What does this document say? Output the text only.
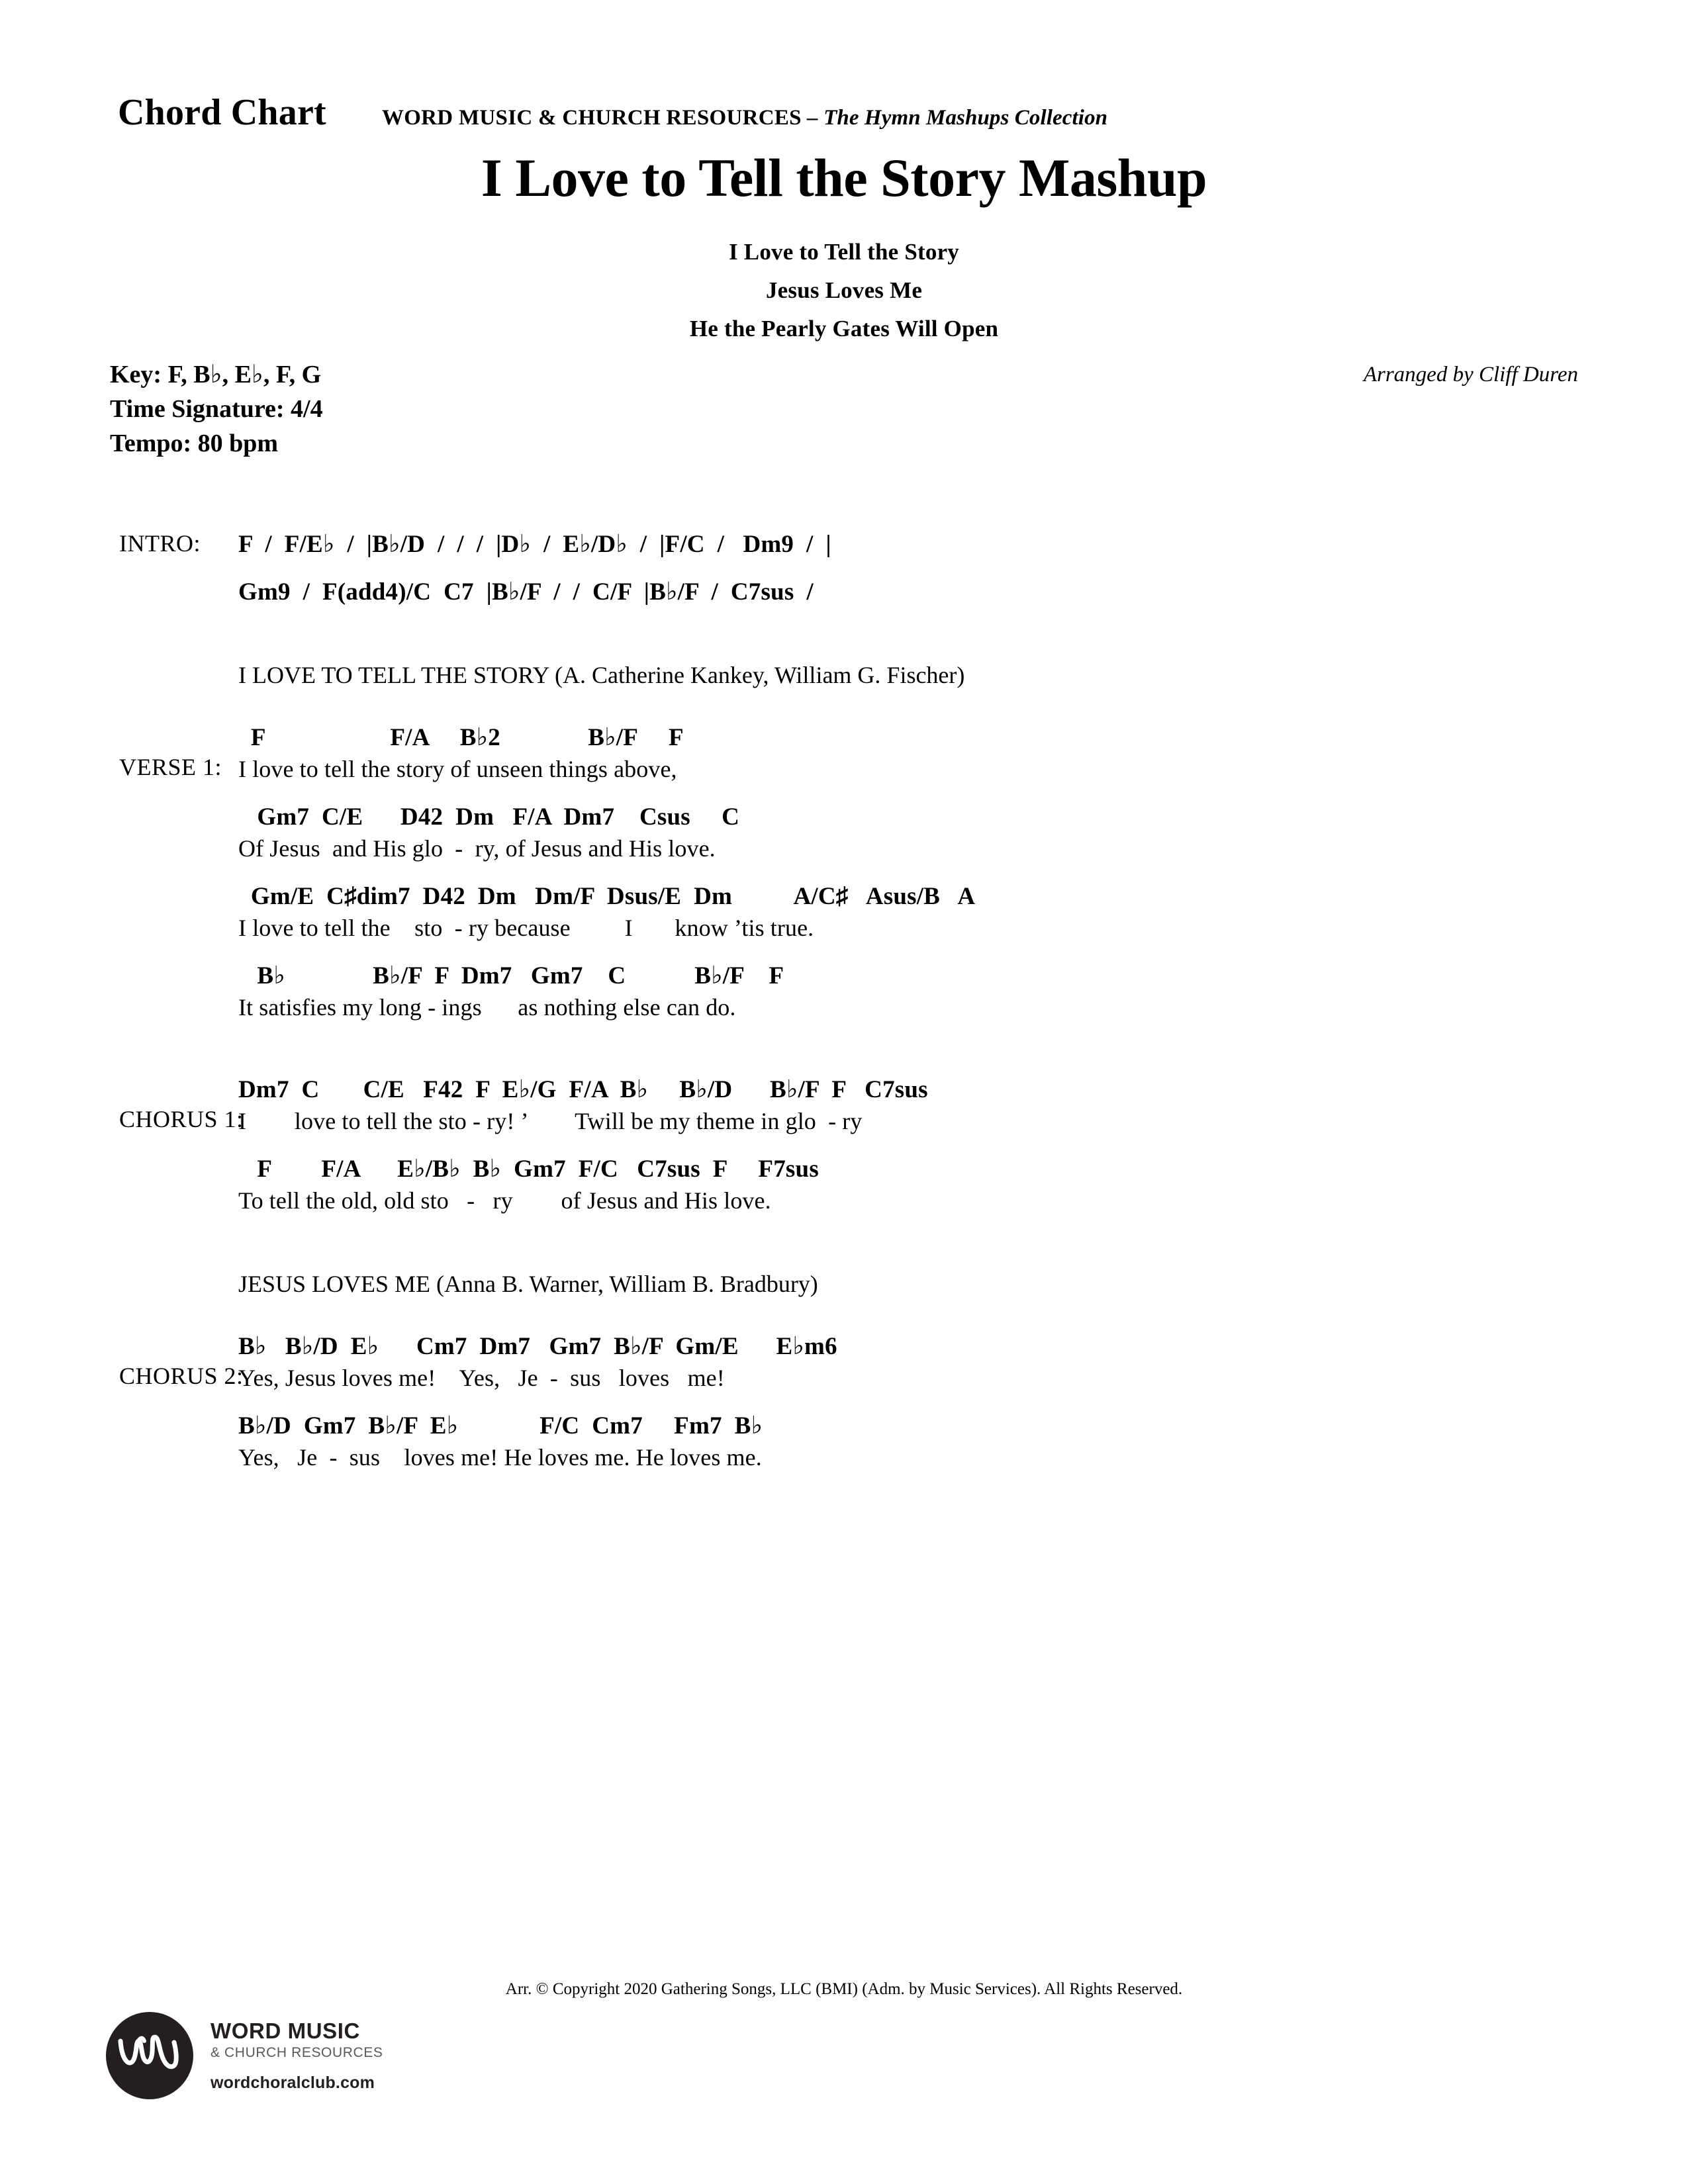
Chord Chart	WORD MUSIC & CHURCH RESOURCES – The Hymn Mashups Collection
I Love to Tell the Story Mashup
I Love to Tell the Story
Jesus Loves Me
He the Pearly Gates Will Open
Key: F, B♭, E♭, F, G
Time Signature: 4/4
Tempo: 80 bpm
Arranged by Cliff Duren
INTRO:	F  /  F/E♭  /  |B♭/D  /  /  /  |D♭  /  E♭/D♭  /  |F/C  /   Dm9  /  |
Gm9  /  F(add4)/C  C7  |B♭/F  /  /  C/F  |B♭/F  /  C7sus  /
I LOVE TO TELL THE STORY (A. Catherine Kankey, William G. Fischer)
F                    F/A     B♭2              B♭/F     F
VERSE 1: I love to tell the story of unseen things above,
Gm7  C/E      D42  Dm   F/A  Dm7    Csus     C
Of Jesus  and His glo  -  ry, of Jesus and His love.
Gm/E  C♯dim7  D42  Dm   Dm/F  Dsus/E  Dm          A/C♯   Asus/B   A
I love to tell the    sto  - ry because         I       know ’tis true.
B♭              B♭/F  F  Dm7   Gm7    C           B♭/F    F
It satisfies my long - ings      as nothing else can do.
Dm7  C       C/E   F42  F  E♭/G  F/A  B♭     B♭/D      B♭/F  F   C7sus
CHORUS 1:
I        love to tell the sto - ry! ’        Twill be my theme in glo  - ry
F        F/A      E♭/B♭  B♭  Gm7  F/C   C7sus  F     F7sus
To tell the old, old sto   -   ry        of Jesus and His love.
JESUS LOVES ME (Anna B. Warner, William B. Bradbury)
B♭   B♭/D  E♭      Cm7  Dm7   Gm7  B♭/F  Gm/E      E♭m6
CHORUS 2:
Yes, Jesus loves me!    Yes,   Je  -  sus   loves   me!
B♭/D  Gm7  B♭/F  E♭             F/C  Cm7     Fm7  B♭
Yes,   Je  -  sus    loves me! He loves me. He loves me.
Arr. © Copyright 2020 Gathering Songs, LLC (BMI) (Adm. by Music Services). All Rights Reserved.
WORD MUSIC
& CHURCH RESOURCES
wordchoralclub.com
